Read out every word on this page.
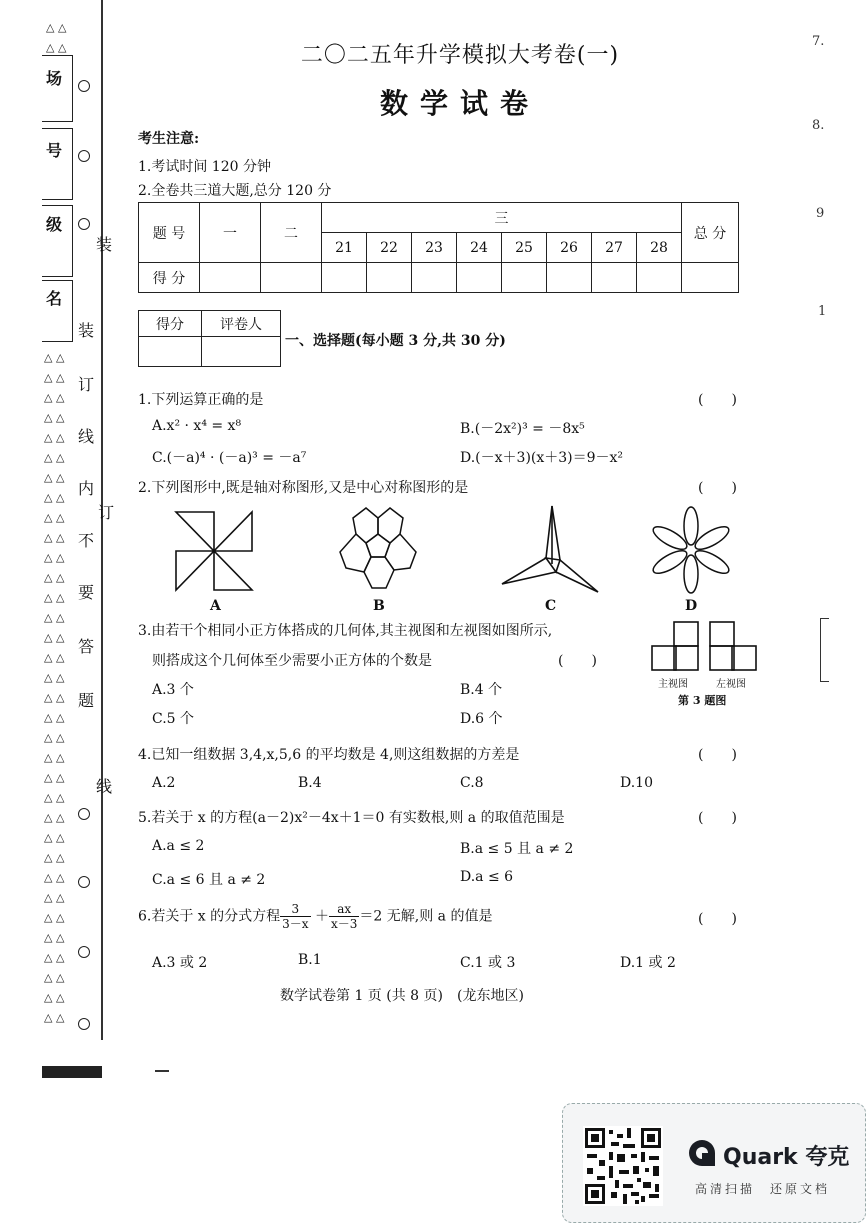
场
号
级
名
△ △
△ △
△ △
△ △
△ △
△ △
△ △
△ △
△ △
△ △
△ △
△ △
△ △
△ △
△ △
△ △
△ △
△ △
△ △
△ △
△ △
△ △
△ △
△ △
△ △
△ △
△ △
△ △
△ △
△ △
△ △
△ △
△ △
△ △
△ △
△ △
装
订
线
内
不
要
答
题
装
订
线
二〇二五年升学模拟大考卷(一)
数学试卷
考生注意:
1.考试时间 120 分钟
2.全卷共三道大题,总分 120 分
题 号	一	二	三								总 分
			21	22	23	24	25	26	27	28	
得 分											
得分	评卷人

一、选择题(每小题 3 分,共 30 分)
1.下列运算正确的是	(　　)
A.x² · x⁴ = x⁸	B.(－2x²)³ = －8x⁵
C.(－a)⁴ · (－a)³ = －a⁷	D.(－x＋3)(x＋3)＝9－x²
2.下列图形中,既是轴对称图形,又是中心对称图形的是	(　　)
A	B	C	D
3.由若干个相同小正方体搭成的几何体,其主视图和左视图如图所示,
则搭成这个几何体至少需要小正方体的个数是	(　　)
A.3 个	B.4 个
C.5 个	D.6 个
主视图	左视图
第 3 题图
4.已知一组数据 3,4,x,5,6 的平均数是 4,则这组数据的方差是	(　　)
A.2	B.4	C.8	D.10
5.若关于 x 的方程(a－2)x²－4x＋1＝0 有实数根,则 a 的取值范围是	(　　)
A.a ≤ 2	B.a ≤ 5 且 a ≠ 2
C.a ≤ 6 且 a ≠ 2	D.a ≤ 6
6.若关于 x 的分式方程 $\frac{3}{3-x} + \frac{ax}{x-3} =2$ 无解,则 a 的值是	(　　)
A.3 或 2	B.1	C.1 或 3	D.1 或 2
数学试卷第 1 页 (共 8 页)　(龙东地区)
7.
8.
9
1
Quark 夸克
高清扫描　还原文档
